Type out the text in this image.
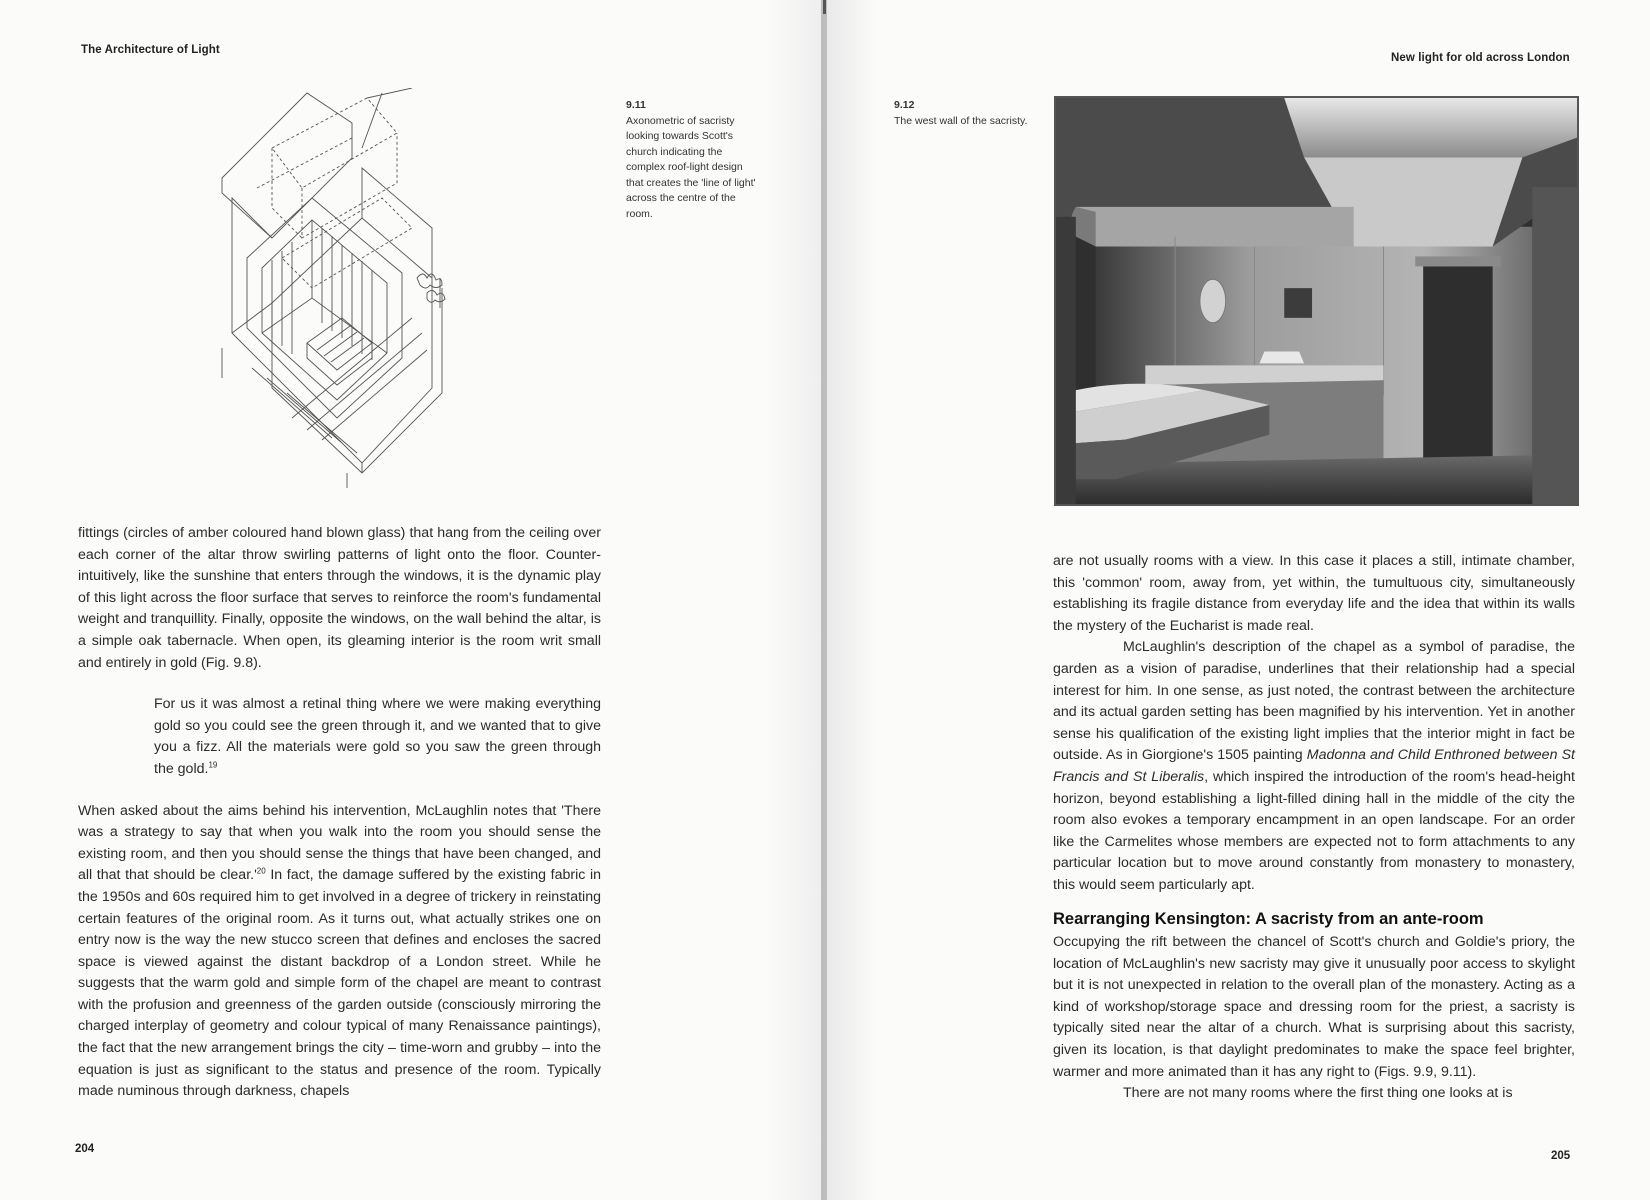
The Architecture of Light
9.11
Axonometric of sacristy looking towards Scott's church indicating the complex roof-light design that creates the 'line of light' across the centre of the room.

fittings (circles of amber coloured hand blown glass) that hang from the ceiling over each corner of the altar throw swirling patterns of light onto the floor. Counter-intuitively, like the sunshine that enters through the windows, it is the dynamic play of this light across the floor surface that serves to reinforce the room's fundamental weight and tranquillity. Finally, opposite the windows, on the wall behind the altar, is a simple oak tabernacle. When open, its gleaming interior is the room writ small and entirely in gold (Fig. 9.8).

For us it was almost a retinal thing where we were making everything gold so you could see the green through it, and we wanted that to give you a fizz. All the materials were gold so you saw the green through the gold.$^{19}$

When asked about the aims behind his intervention, McLaughlin notes that 'There was a strategy to say that when you walk into the room you should sense the existing room, and then you should sense the things that have been changed, and all that that should be $clear.'^{20}$ In fact, the damage suffered by the existing fabric in the 1950s and 60s required him to get involved in a degree of trickery in reinstating certain features of the original room. As it turns out, what actually strikes one on entry now is the way the new stucco screen that defines and encloses the sacred space is viewed against the distant backdrop of a London street. While he suggests that the warm gold and simple form of the chapel are meant to contrast with the profusion and greenness of the garden outside (consciously mirroring the charged interplay of geometry and colour typical of many Renaissance paintings), the fact that the new arrangement brings the city – time-worn and grubby – into the equation is just as significant to the status and presence of the room. Typically made numinous through darkness, chapels

204
New light for old across London
9.12
The west wall of the sacristy.

are not usually rooms with a view. In this case it places a still, intimate chamber, this 'common' room, away from, yet within, the tumultuous city, simultaneously establishing its fragile distance from everyday life and the idea that within its walls the mystery of the Eucharist is made real.

McLaughlin's description of the chapel as a symbol of paradise, the garden as a vision of paradise, underlines that their relationship had a special interest for him. In one sense, as just noted, the contrast between the architecture and its actual garden setting has been magnified by his intervention. Yet in another sense his qualification of the existing light implies that the interior might in fact be outside. As in Giorgione's 1505 painting Madonna and Child Enthroned between St Francis and St Liberalis, which inspired the introduction of the room's head-height horizon, beyond establishing a light-filled dining hall in the middle of the city the room also evokes a temporary encampment in an open landscape. For an order like the Carmelites whose members are expected not to form attachments to any particular location but to move around constantly from monastery to monastery, this would seem particularly apt.

Rearranging Kensington: A sacristy from an ante-room

Occupying the rift between the chancel of Scott's church and Goldie's priory, the location of McLaughlin's new sacristy may give it unusually poor access to skylight but it is not unexpected in relation to the overall plan of the monastery. Acting as a kind of workshop/storage space and dressing room for the priest, a sacristy is typically sited near the altar of a church. What is surprising about this sacristy, given its location, is that daylight predominates to make the space feel brighter, warmer and more animated than it has any right to (Figs. 9.9, 9.11).

There are not many rooms where the first thing one looks at is

205
